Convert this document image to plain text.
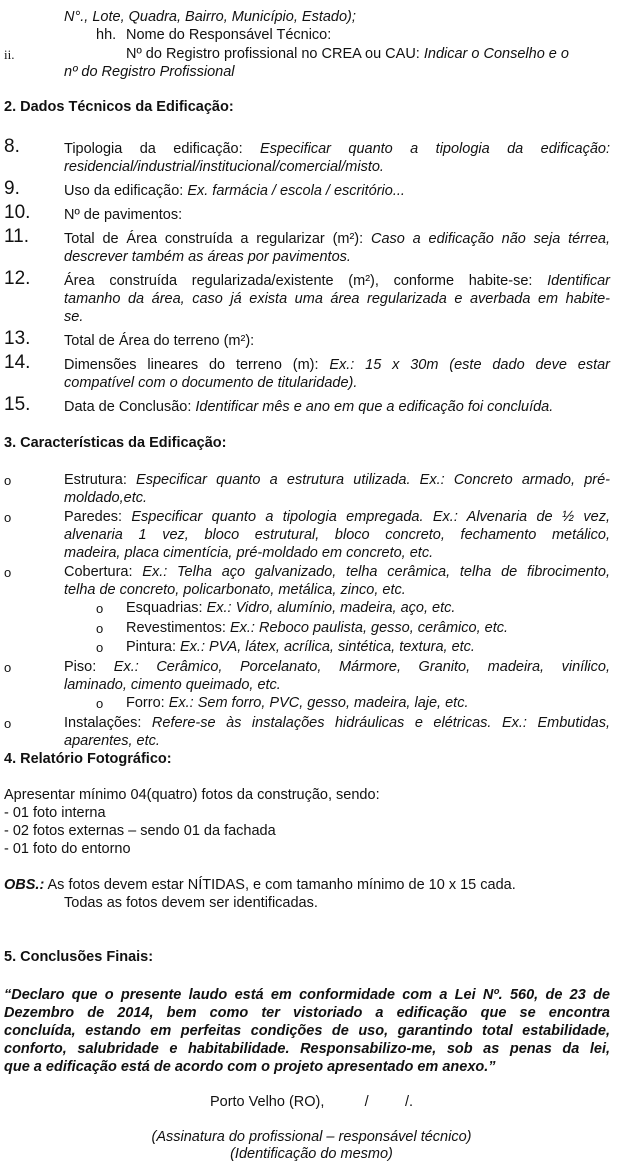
N°., Lote, Quadra, Bairro, Município, Estado);
hh. Nome do Responsável Técnico:
ii.	Nº do Registro profissional no CREA ou CAU: Indicar o Conselho e o
nº do Registro Profissional
2. Dados Técnicos da Edificação:
8.	Tipologia da edificação: Especificar quanto a tipologia da edificação:
residencial/industrial/institucional/comercial/misto.
9.	Uso da edificação: Ex. farmácia / escola / escritório...
10. Nº de pavimentos:
11. Total de Área construída a regularizar (m²): Caso a edificação não seja térrea,
descrever também as áreas por pavimentos.
12. Área construída regularizada/existente (m²), conforme habite-se: Identificar
tamanho da área, caso já exista uma área regularizada e averbada em habite-
se.
13. Total de Área do terreno (m²):
14. Dimensões lineares do terreno (m): Ex.: 15 x 30m (este dado deve estar
compatível com o documento de titularidade).
15. Data de Conclusão: Identificar mês e ano em que a edificação foi concluída.
3. Características da Edificação:
o	Estrutura: Especificar quanto a estrutura utilizada. Ex.: Concreto armado, pré-
moldado,etc.
o	Paredes: Especificar quanto a tipologia empregada. Ex.: Alvenaria de ½ vez,
alvenaria 1 vez, bloco estrutural, bloco concreto, fechamento metálico,
madeira, placa cimentícia, pré-moldado em concreto, etc.
o	Cobertura: Ex.: Telha aço galvanizado, telha cerâmica, telha de fibrocimento,
telha de concreto, policarbonato, metálica, zinco, etc.
o Esquadrias: Ex.: Vidro, alumínio, madeira, aço, etc.
o Revestimentos: Ex.: Reboco paulista, gesso, cerâmico, etc.
o Pintura: Ex.: PVA, látex, acrílica, sintética, textura, etc.
o	Piso: Ex.: Cerâmico, Porcelanato, Mármore, Granito, madeira, vinílico,
laminado, cimento queimado, etc.
o Forro: Ex.: Sem forro, PVC, gesso, madeira, laje, etc.
o	Instalações: Refere-se às instalações hidráulicas e elétricas. Ex.: Embutidas,
aparentes, etc.
4. Relatório Fotográfico:
Apresentar mínimo 04(quatro) fotos da construção, sendo:
- 01 foto interna
- 02 fotos externas – sendo 01 da fachada
- 01 foto do entorno
OBS.: As fotos devem estar NÍTIDAS, e com tamanho mínimo de 10 x 15 cada.
Todas as fotos devem ser identificadas.
5. Conclusões Finais:
“Declaro que o presente laudo está em conformidade com a Lei Nº. 560, de 23 de
Dezembro de 2014, bem como ter vistoriado a edificação que se encontra
concluída, estando em perfeitas condições de uso, garantindo total estabilidade,
conforto, salubridade e habitabilidade. Responsabilizo-me, sob as penas da lei,
que a edificação está de acordo com o projeto apresentado em anexo.”
Porto Velho (RO),          /         /.
(Assinatura do profissional – responsável técnico)
(Identificação do mesmo)
